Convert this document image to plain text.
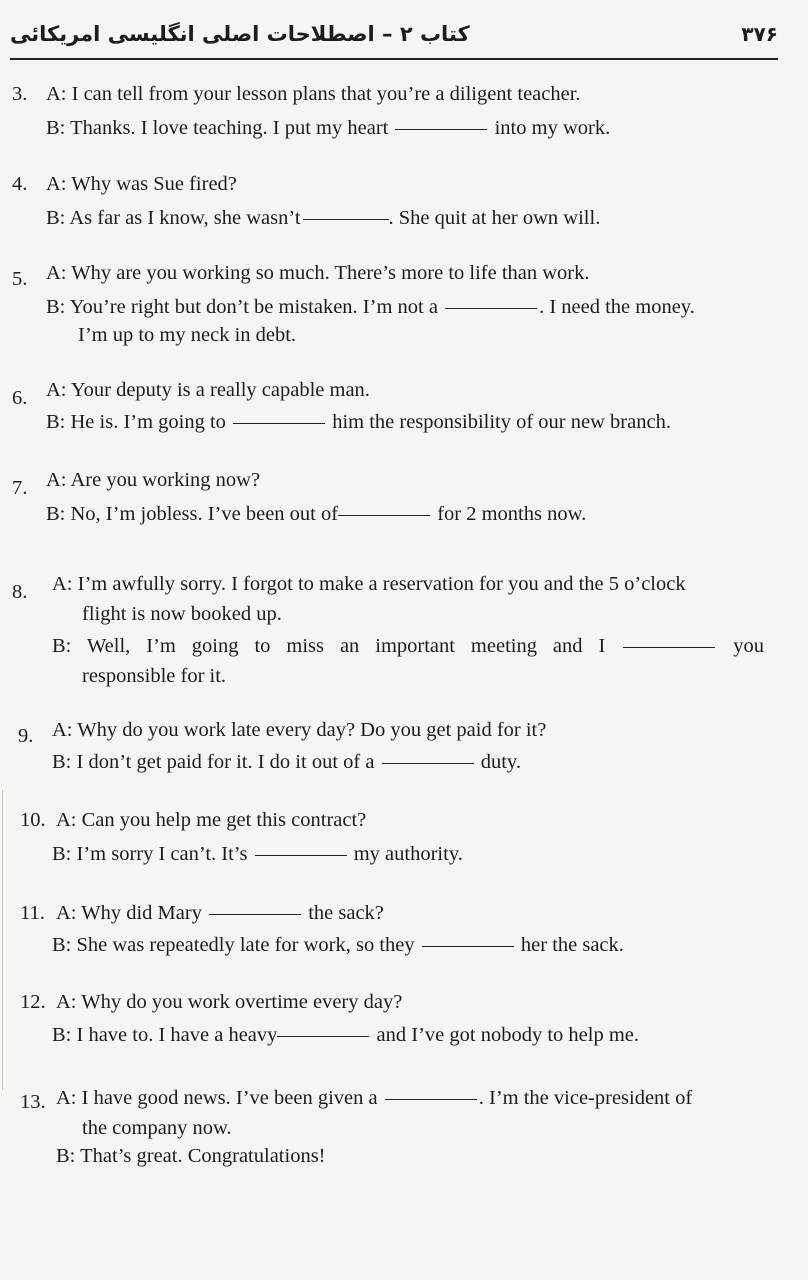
۳۷۶
کتاب ۲ – اصطلاحات اصلی انگلیسی امریکائی
3. A: I can tell from your lesson plans that you’re a diligent teacher.
B: Thanks. I love teaching. I put my heart	into my work.
4. A: Why was Sue fired?
B: As far as I know, she wasn’t	. She quit at her own will.
5. A: Why are you working so much. There’s more to life than work.
B: You’re right but don’t be mistaken. I’m not a	. I need the money.
I’m up to my neck in debt.
6. A: Your deputy is a really capable man.
B: He is. I’m going to	him the responsibility of our new branch.
7. A: Are you working now?
B: No, I’m jobless. I’ve been out of	for 2 months now.
8. A: I’m awfully sorry. I forgot to make a reservation for you and the 5 o’clock
flight is now booked up.
B: Well, I’m going to miss an important meeting and I	you
responsible for it.
9. A: Why do you work late every day? Do you get paid for it?
B: I don’t get paid for it. I do it out of a	duty.
10. A: Can you help me get this contract?
B: I’m sorry I can’t. It’s	my authority.
11. A: Why did Mary	the sack?
B: She was repeatedly late for work, so they	her the sack.
12. A: Why do you work overtime every day?
B: I have to. I have a heavy	and I’ve got nobody to help me.
13. A: I have good news. I’ve been given a	. I’m the vice-president of
the company now.
B: That’s great. Congratulations!
